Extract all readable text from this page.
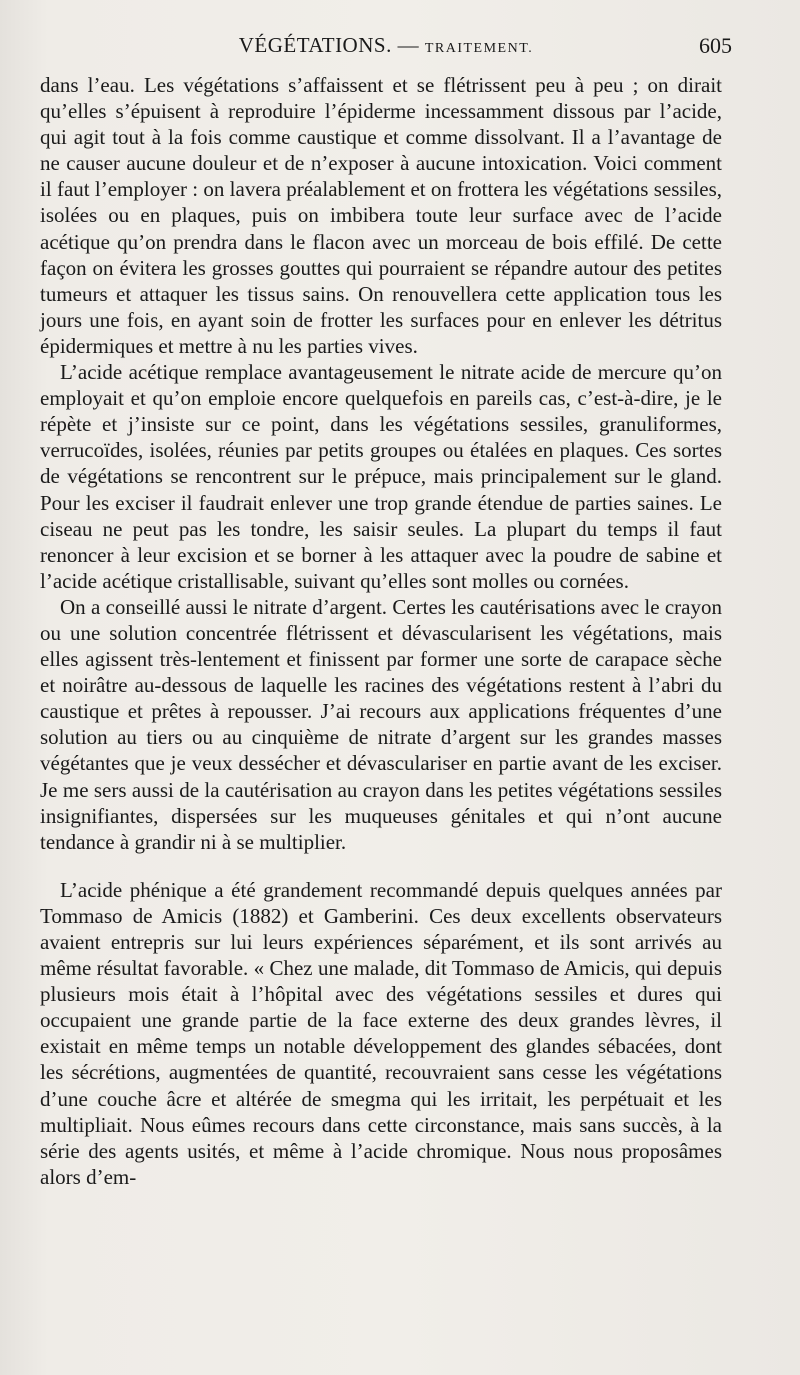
VÉGÉTATIONS. — TRAITEMENT.	605

dans l’eau. Les végétations s’affaissent et se flétrissent peu à peu ; on dirait qu’elles s’épuisent à reproduire l’épiderme incessamment dissous par l’acide, qui agit tout à la fois comme caustique et comme dissolvant. Il a l’avantage de ne causer aucune douleur et de n’exposer à aucune intoxication. Voici comment il faut l’employer : on lavera préalablement et on frottera les végétations sessiles, isolées ou en plaques, puis on imbibera toute leur surface avec de l’acide acétique qu’on prendra dans le flacon avec un morceau de bois effilé. De cette façon on évitera les grosses gouttes qui pourraient se répandre autour des petites tumeurs et attaquer les tissus sains. On renouvellera cette application tous les jours une fois, en ayant soin de frotter les surfaces pour en enlever les détritus épidermiques et mettre à nu les parties vives.

L’acide acétique remplace avantageusement le nitrate acide de mercure qu’on employait et qu’on emploie encore quelquefois en pareils cas, c’est-à-dire, je le répète et j’insiste sur ce point, dans les végétations sessiles, granuliformes, verrucoïdes, isolées, réunies par petits groupes ou étalées en plaques. Ces sortes de végétations se rencontrent sur le prépuce, mais principalement sur le gland. Pour les exciser il faudrait enlever une trop grande étendue de parties saines. Le ciseau ne peut pas les tondre, les saisir seules. La plupart du temps il faut renoncer à leur excision et se borner à les attaquer avec la poudre de sabine et l’acide acétique cristallisable, suivant qu’elles sont molles ou cornées.

On a conseillé aussi le nitrate d’argent. Certes les cautérisations avec le crayon ou une solution concentrée flétrissent et dévascularisent les végétations, mais elles agissent très-lentement et finissent par former une sorte de carapace sèche et noirâtre au-dessous de laquelle les racines des végétations restent à l’abri du caustique et prêtes à repousser. J’ai recours aux applications fréquentes d’une solution au tiers ou au cinquième de nitrate d’argent sur les grandes masses végétantes que je veux dessécher et dévasculariser en partie avant de les exciser. Je me sers aussi de la cautérisation au crayon dans les petites végétations sessiles insignifiantes, dispersées sur les muqueuses génitales et qui n’ont aucune tendance à grandir ni à se multiplier.

L’acide phénique a été grandement recommandé depuis quelques années par Tommaso de Amicis (1882) et Gamberini. Ces deux excellents observateurs avaient entrepris sur lui leurs expériences séparément, et ils sont arrivés au même résultat favorable. « Chez une malade, dit Tommaso de Amicis, qui depuis plusieurs mois était à l’hôpital avec des végétations sessiles et dures qui occupaient une grande partie de la face externe des deux grandes lèvres, il existait en même temps un notable développement des glandes sébacées, dont les sécrétions, augmentées de quantité, recouvraient sans cesse les végétations d’une couche âcre et altérée de smegma qui les irritait, les perpétuait et les multipliait. Nous eûmes recours dans cette circonstance, mais sans succès, à la série des agents usités, et même à l’acide chromique. Nous nous proposâmes alors d’em-
